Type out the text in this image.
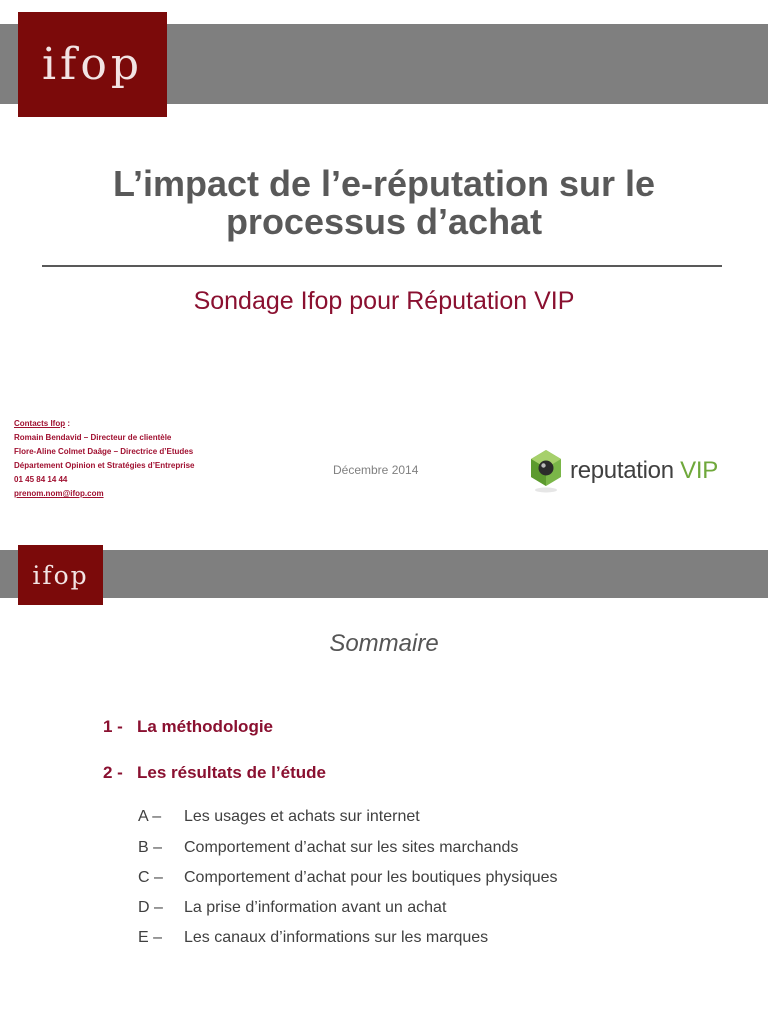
ifop
L’impact de l’e-réputation sur le
processus d’achat
Sondage Ifop pour Réputation VIP
Contacts Ifop :
Romain Bendavid – Directeur de clientèle
Flore-Aline Colmet Daâge – Directrice d’Etudes
Département Opinion et Stratégies d’Entreprise
01 45 84 14 44
prenom.nom@ifop.com
Décembre 2014	reputation VIP
ifop
Sommaire
1 - La méthodologie
2 - Les résultats de l’étude
A – Les usages et achats sur internet
B – Comportement d’achat sur les sites marchands
C – Comportement d’achat pour les boutiques physiques
D – La prise d’information avant un achat
E – Les canaux d’informations sur les marques
